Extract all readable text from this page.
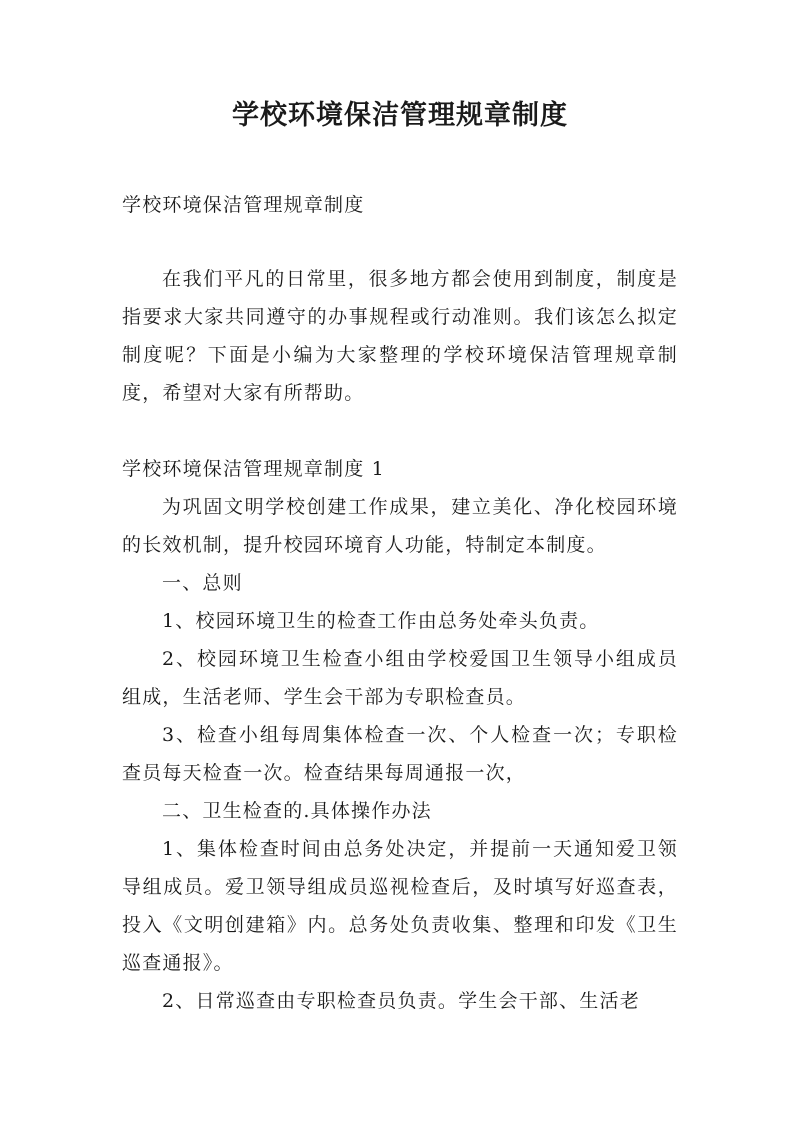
学校环境保洁管理规章制度
学校环境保洁管理规章制度
在我们平凡的日常里，很多地方都会使用到制度，制度是指要求大家共同遵守的办事规程或行动准则。我们该怎么拟定制度呢？下面是小编为大家整理的学校环境保洁管理规章制度，希望对大家有所帮助。
学校环境保洁管理规章制度 1

为巩固文明学校创建工作成果，建立美化、净化校园环境的长效机制，提升校园环境育人功能，特制定本制度。

一、总则

1、校园环境卫生的检查工作由总务处牵头负责。

2、校园环境卫生检查小组由学校爱国卫生领导小组成员组成，生活老师、学生会干部为专职检查员。

3、检查小组每周集体检查一次、个人检查一次；专职检查员每天检查一次。检查结果每周通报一次，

二、卫生检查的.具体操作办法

1、集体检查时间由总务处决定，并提前一天通知爱卫领导组成员。爱卫领导组成员巡视检查后，及时填写好巡查表，投入《文明创建箱》内。总务处负责收集、整理和印发《卫生巡查通报》。

2、日常巡查由专职检查员负责。学生会干部、生活老
